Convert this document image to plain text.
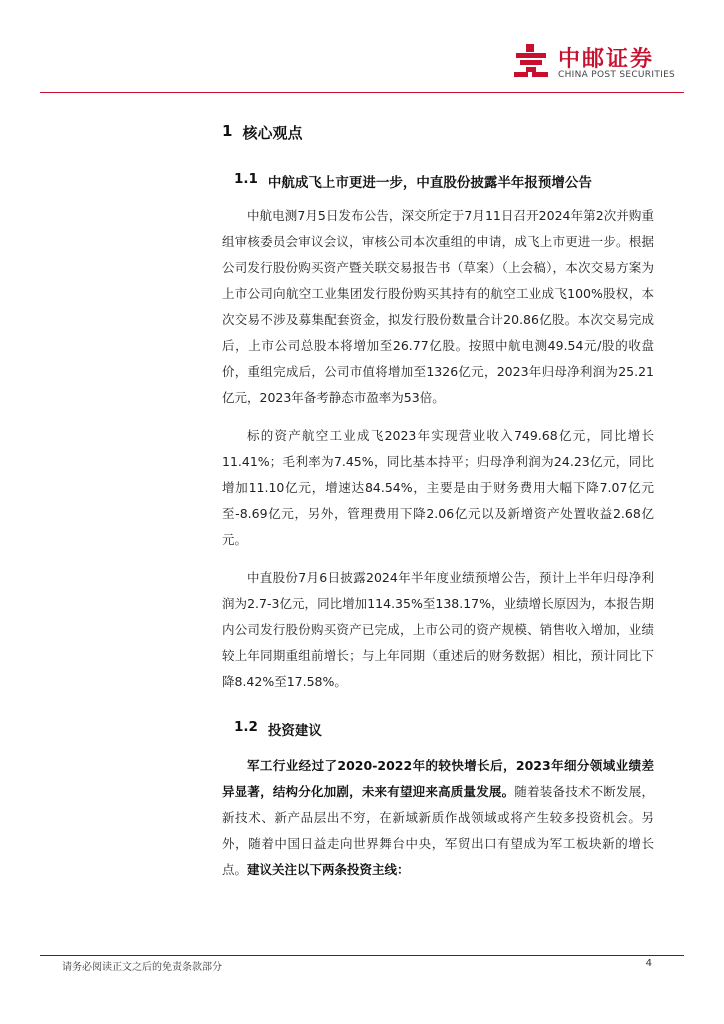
中邮证券
CHINA POST SECURITIES
1 核心观点
1.1 中航成飞上市更进一步，中直股份披露半年报预增公告

中航电测7月5日发布公告，深交所定于7月11日召开2024年第2次并购重组审核委员会审议会议，审核公司本次重组的申请，成飞上市更进一步。根据公司发行股份购买资产暨关联交易报告书（草案）（上会稿），本次交易方案为上市公司向航空工业集团发行股份购买其持有的航空工业成飞100%股权，本次交易不涉及募集配套资金，拟发行股份数量合计20.86亿股。本次交易完成后，上市公司总股本将增加至26.77亿股。按照中航电测49.54元/股的收盘价，重组完成后，公司市值将增加至1326亿元，2023年归母净利润为25.21亿元，2023年备考静态市盈率为53倍。

标的资产航空工业成飞2023年实现营业收入749.68亿元，同比增长11.41%；毛利率为7.45%，同比基本持平；归母净利润为24.23亿元，同比增加11.10亿元，增速达84.54%，主要是由于财务费用大幅下降7.07亿元至-8.69亿元，另外，管理费用下降2.06亿元以及新增资产处置收益2.68亿元。

中直股份7月6日披露2024年半年度业绩预增公告，预计上半年归母净利润为2.7-3亿元，同比增加114.35%至138.17%，业绩增长原因为，本报告期内公司发行股份购买资产已完成，上市公司的资产规模、销售收入增加，业绩较上年同期重组前增长；与上年同期（重述后的财务数据）相比，预计同比下降8.42%至17.58%。

1.2 投资建议

军工行业经过了2020-2022年的较快增长后，2023年细分领域业绩差异显著，结构分化加剧，未来有望迎来高质量发展。随着装备技术不断发展，新技术、新产品层出不穷，在新域新质作战领域或将产生较多投资机会。另外，随着中国日益走向世界舞台中央，军贸出口有望成为军工板块新的增长点。建议关注以下两条投资主线：

请务必阅读正文之后的免责条款部分	4
